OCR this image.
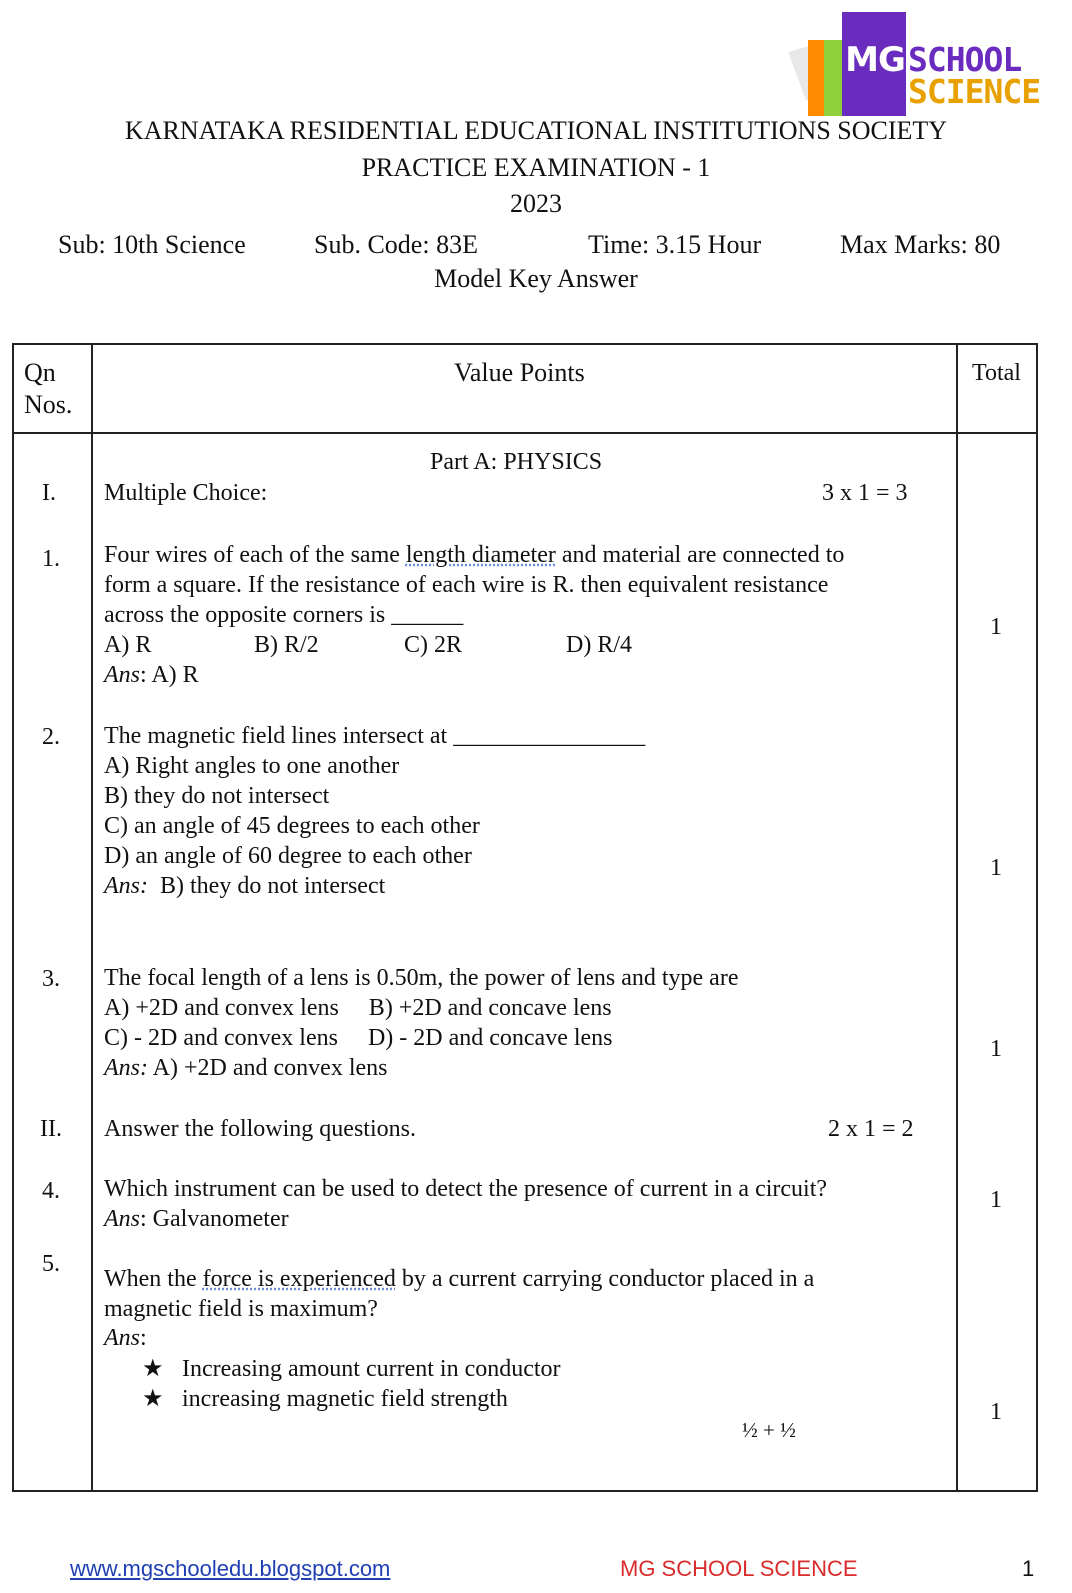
MG SCHOOL
SCIENCE
KARNATAKA RESIDENTIAL EDUCATIONAL INSTITUTIONS SOCIETY
PRACTICE EXAMINATION - 1
2023
Sub: 10th Science	Sub. Code: 83E	Time: 3.15 Hour	Max Marks: 80
Model Key Answer
Qn
Nos.
Value Points	Total
Part A: PHYSICS
I. Multiple Choice:	3 x 1 = 3
1. Four wires of each of the same length diameter and material are connected to
form a square. If the resistance of each wire is R. then equivalent resistance
across the opposite corners is ______
A) R	B) R/2	C) 2R	D) R/4
Ans: A) R
1
2. The magnetic field lines intersect at ________________
A) Right angles to one another
B) they do not intersect
C) an angle of 45 degrees to each other
D) an angle of 60 degree to each other
Ans:  B) they do not intersect
1
3. The focal length of a lens is 0.50m, the power of lens and type are
A) +2D and convex lens     B) +2D and concave lens
C) - 2D and convex lens     D) - 2D and concave lens
Ans: A) +2D and convex lens
1
II. Answer the following questions.	2 x 1 = 2
4. Which instrument can be used to detect the presence of current in a circuit?
Ans: Galvanometer
1
5.
When the force is experienced by a current carrying conductor placed in a
magnetic field is maximum?
Ans:
★ Increasing amount current in conductor
★ increasing magnetic field strength
½ + ½
1
www.mgschooledu.blogspot.com	MG SCHOOL SCIENCE	1
